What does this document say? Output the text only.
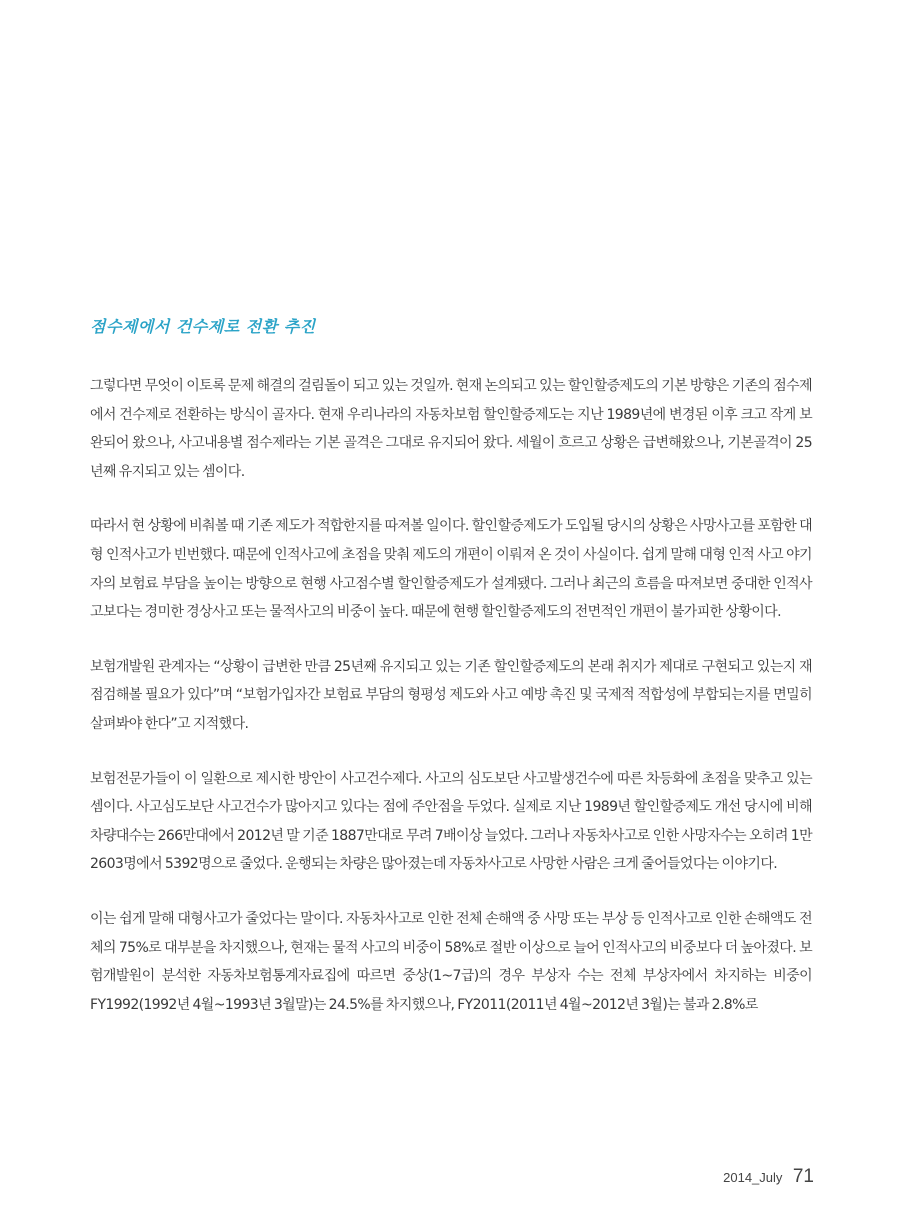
점수제에서 건수제로 전환 추진

그렇다면 무엇이 이토록 문제 해결의 걸림돌이 되고 있는 것일까. 현재 논의되고 있는 할인할증제도의 기본 방향은 기존의 점수제에서 건수제로 전환하는 방식이 골자다. 현재 우리나라의 자동차보험 할인할증제도는 지난 1989년에 변경된 이후 크고 작게 보완되어 왔으나, 사고내용별 점수제라는 기본 골격은 그대로 유지되어 왔다. 세월이 흐르고 상황은 급변해왔으나, 기본골격이 25년째 유지되고 있는 셈이다.

따라서 현 상황에 비춰볼 때 기존 제도가 적합한지를 따져볼 일이다. 할인할증제도가 도입될 당시의 상황은 사망사고를 포함한 대형 인적사고가 빈번했다. 때문에 인적사고에 초점을 맞춰 제도의 개편이 이뤄져 온 것이 사실이다. 쉽게 말해 대형 인적 사고 야기자의 보험료 부담을 높이는 방향으로 현행 사고점수별 할인할증제도가 설계됐다. 그러나 최근의 흐름을 따져보면 중대한 인적사고보다는 경미한 경상사고 또는 물적사고의 비중이 높다. 때문에 현행 할인할증제도의 전면적인 개편이 불가피한 상황이다.

보험개발원 관계자는 “상황이 급변한 만큼 25년째 유지되고 있는 기존 할인할증제도의 본래 취지가 제대로 구현되고 있는지 재점검해볼 필요가 있다”며 “보험가입자간 보험료 부담의 형평성 제도와 사고 예방 촉진 및 국제적 적합성에 부합되는지를 면밀히 살펴봐야 한다”고 지적했다.

보험전문가들이 이 일환으로 제시한 방안이 사고건수제다. 사고의 심도보단 사고발생건수에 따른 차등화에 초점을 맞추고 있는 셈이다. 사고심도보단 사고건수가 많아지고 있다는 점에 주안점을 두었다. 실제로 지난 1989년 할인할증제도 개선 당시에 비해 차량대수는 266만대에서 2012년 말 기준 1887만대로 무려 7배이상 늘었다. 그러나 자동차사고로 인한 사망자수는 오히려 1만 2603명에서 5392명으로 줄었다. 운행되는 차량은 많아졌는데 자동차사고로 사망한 사람은 크게 줄어들었다는 이야기다.

이는 쉽게 말해 대형사고가 줄었다는 말이다. 자동차사고로 인한 전체 손해액 중 사망 또는 부상 등 인적사고로 인한 손해액도 전체의 75%로 대부분을 차지했으나, 현재는 물적 사고의 비중이 58%로 절반 이상으로 늘어 인적사고의 비중보다 더 높아졌다. 보험개발원이 분석한 자동차보험통계자료집에 따르면 중상(1~7급)의 경우 부상자 수는 전체 부상자에서 차지하는 비중이 FY1992(1992년 4월~1993년 3월말)는 24.5%를 차지했으나, FY2011(2011년 4월~2012년 3월)는 불과 2.8%로

2014_July 71
